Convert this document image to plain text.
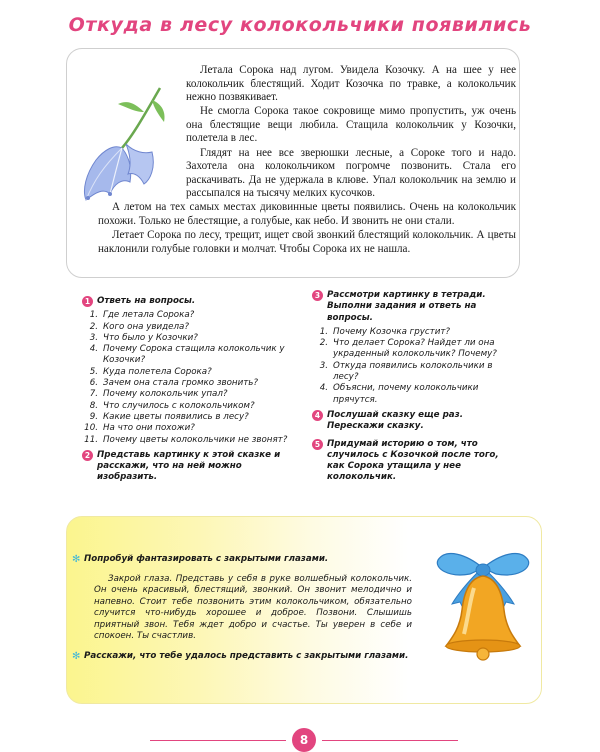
Откуда в лесу колокольчики появились

Летала Сорока над лугом. Увидела Козочку. А на шее у нее колокольчик блестящий. Ходит Козочка по травке, а колокольчик нежно позвякивает.

Не смогла Сорока такое сокровище мимо пропустить, уж очень она блестящие вещи любила. Стащила колокольчик у Козочки, полетела в лес.

Глядят на нее все зверюшки лесные, а Сороке того и надо. Захотела она колокольчиком погромче позвонить. Стала его раскачивать. Да не удержала в клюве. Упал колокольчик на землю и рассыпался на тысячу мелких кусочков.

А летом на тех самых местах диковинные цветы появились. Очень на колокольчик похожи. Только не блестящие, а голубые, как небо. И звонить не они стали.

Летает Сорока по лесу, трещит, ищет свой звонкий блестящий колокольчик. А цветы наклонили голубые головки и молчат. Чтобы Сорока их не нашла.

1 Ответь на вопросы.
1. Где летала Сорока?
2. Кого она увидела?
3. Что было у Козочки?
4. Почему Сорока стащила колокольчик у Козочки?
5. Куда полетела Сорока?
6. Зачем она стала громко звонить?
7. Почему колокольчик упал?
8. Что случилось с колокольчиком?
9. Какие цветы появились в лесу?
10. На что они похожи?
11. Почему цветы колокольчики не звонят?
2 Представь картинку к этой сказке и расскажи, что на ней можно изобразить.
3 Рассмотри картинку в тетради. Выполни задания и ответь на вопросы.
1. Почему Козочка грустит?
2. Что делает Сорока? Найдет ли она украденный колокольчик? Почему?
3. Откуда появились колокольчики в лесу?
4. Объясни, почему колокольчики прячутся.
4 Послушай сказку еще раз. Перескажи сказку.
5 Придумай историю о том, что случилось с Козочкой после того, как Сорока утащила у нее колокольчик.
✻ Попробуй фантазировать с закрытыми глазами.
Закрой глаза. Представь у себя в руке волшебный колокольчик. Он очень красивый, блестящий, звонкий. Он звонит мелодично и напевно. Стоит тебе позвонить этим колокольчиком, обязательно случится что-нибудь хорошее и доброе. Позвони. Слышишь приятный звон. Тебя ждет добро и счастье. Ты уверен в себе и спокоен. Ты счастлив.
✻ Расскажи, что тебе удалось представить с закрытыми глазами.
8
